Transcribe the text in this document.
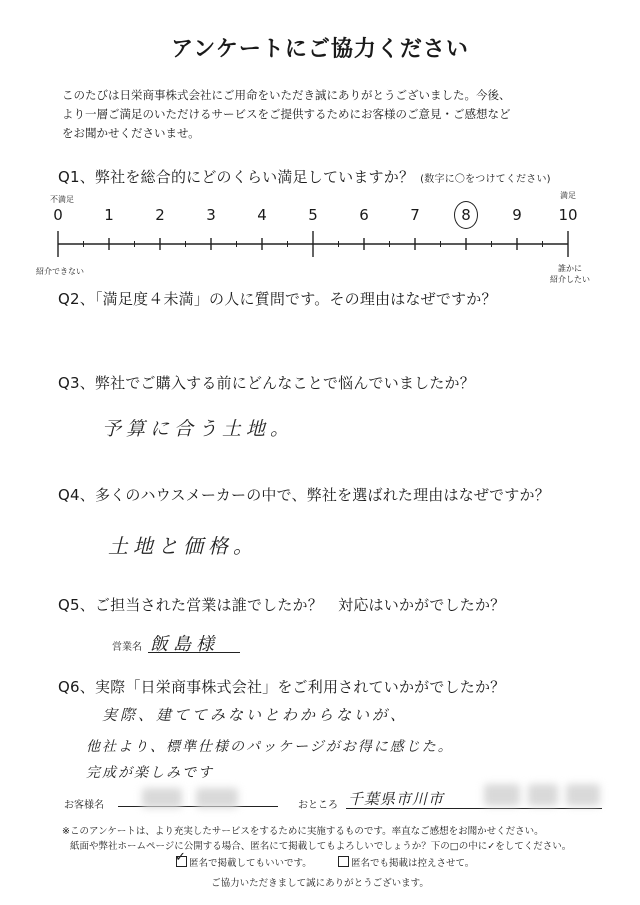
アンケートにご協力ください
このたびは日栄商事株式会社にご用命をいただき誠にありがとうございました。今後、
より一層ご満足のいただけるサービスをご提供するためにお客様のご意見・ご感想など
をお聞かせくださいませ。
Q1、弊社を総合的にどのくらい満足していますか？ (数字に〇をつけてください)
不満足	満足
0	1	2	3	4	5	6	7	8	9	10
紹介できない	誰かに
紹介したい
Q2、「満足度４未満」の人に質問です。その理由はなぜですか？
Q3、弊社でご購入する前にどんなことで悩んでいましたか？
予算に合う土地。
Q4、多くのハウスメーカーの中で、弊社を選ばれた理由はなぜですか？
土地と価格。
Q5、ご担当された営業は誰でしたか？　対応はいかがでしたか？
営業名 飯島様
Q6、実際「日栄商事株式会社」をご利用されていかがでしたか？
実際、建ててみないとわからないが、
他社より、標準仕様のパッケージがお得に感じた。
完成が楽しみです
お客様名	おところ 千葉県市川市
※このアンケートは、より充実したサービスをするために実施するものです。率直なご感想をお聞かせください。
紙面や弊社ホームページに公開する場合、匿名にて掲載してもよろしいでしょうか？下の□の中に✓をしてください。
匿名で掲載してもいいです。
✓	匿名でも掲載は控えさせて。
ご協力いただきまして誠にありがとうございます。
